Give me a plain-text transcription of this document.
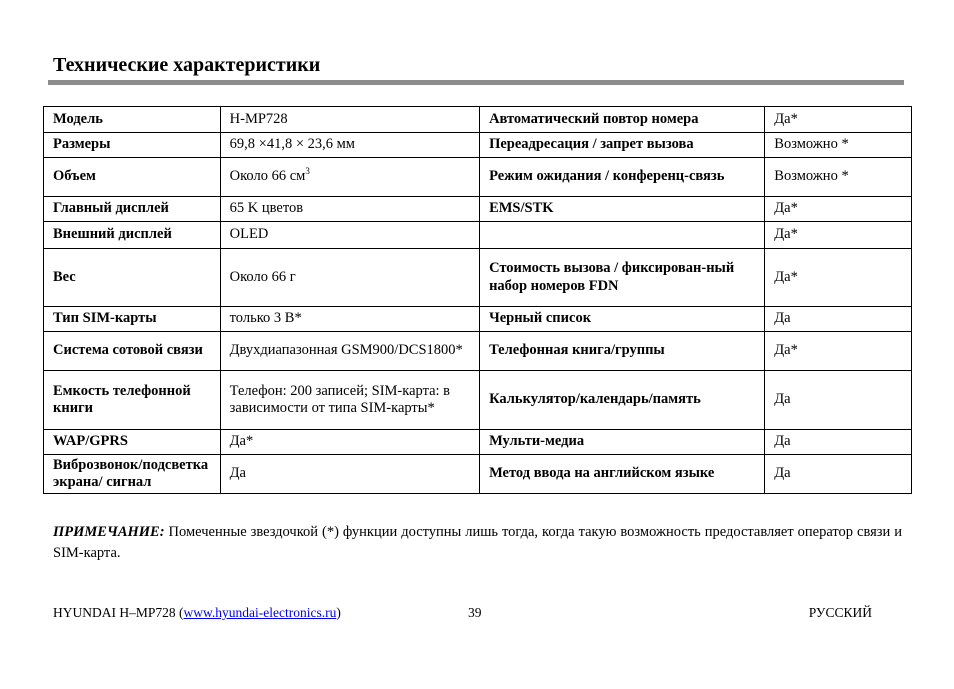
Технические характеристики
Модель	H-MP728	Автоматический повтор номера	Да*
Размеры	69,8 ×41,8 × 23,6 мм	Переадресация / запрет вызова	Возможно *
Объем	Около 66 $см^3$	Режим ожидания / конференц-связь	Возможно *
Главный дисплей	65 K цветов	EMS/STK	Да*
Внешний дисплей	OLED		Да*
Вес	Около 66 г	Стоимость вызова / фиксирован-ный набор номеров FDN	Да*
Тип SIM-карты	только 3 В*	Черный список	Да
Система сотовой связи	Двухдиапазонная GSM900/DCS1800*	Телефонная книга/группы	Да*
Емкость телефонной книги	Телефон: 200 записей; SIM-карта: в зависимости от типа SIM-карты*	Калькулятор/календарь/память	Да
WAP/GPRS	Да*	Мульти-медиа	Да
Виброзвонок/подсветка экрана/ сигнал	Да	Метод ввода на английском языке	Да
ПРИМЕЧАНИЕ: Помеченные звездочкой (*) функции доступны лишь тогда, когда такую возможность предоставляет оператор связи и SIM-карта.
HYUNDAI H–MP728 (www.hyundai-electronics.ru)	39	РУССКИЙ
